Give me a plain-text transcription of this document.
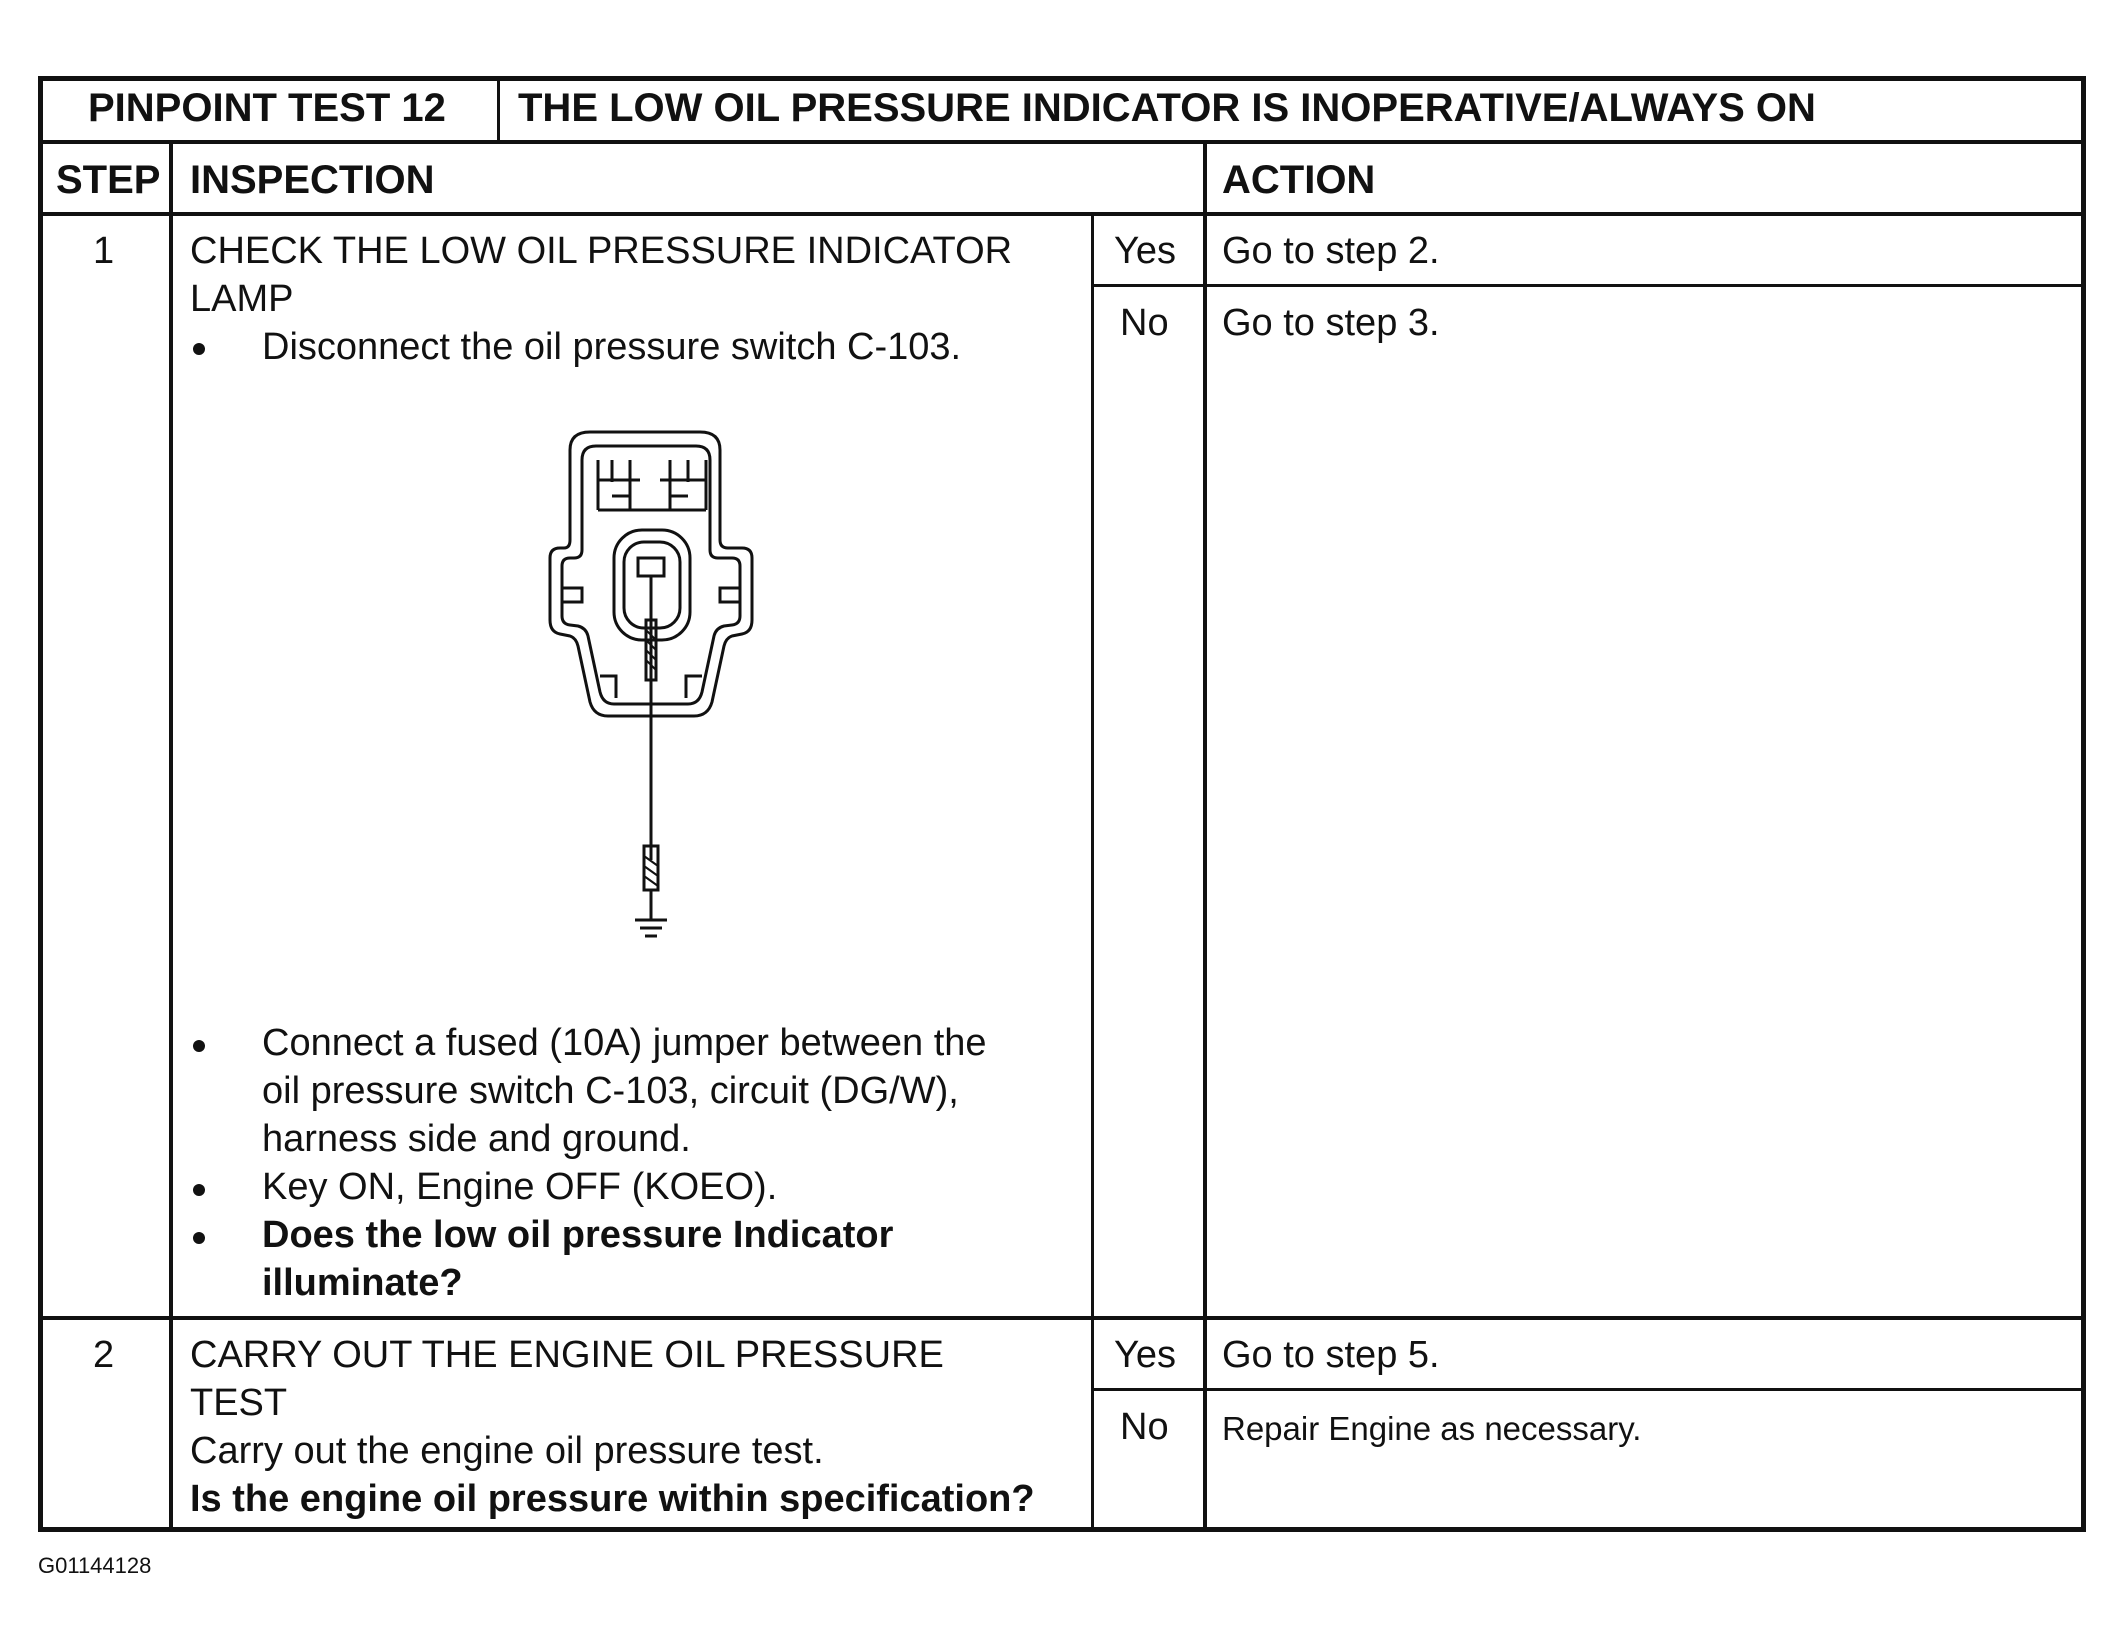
PINPOINT TEST 12 THE LOW OIL PRESSURE INDICATOR IS INOPERATIVE/ALWAYS ON
STEP INSPECTION	ACTION
1 CHECK THE LOW OIL PRESSURE INDICATOR
LAMP
Disconnect the oil pressure switch C-103.
Connect a fused (10A) jumper between the
oil pressure switch C-103, circuit (DG/W),
harness side and ground.
Key ON, Engine OFF (KOEO).
Does the low oil pressure Indicator
illuminate?
Yes Go to step 2.
No Go to step 3.
2 CARRY OUT THE ENGINE OIL PRESSURE
TEST
Carry out the engine oil pressure test.
Is the engine oil pressure within specification?
Yes Go to step 5.
No Repair Engine as necessary.
G01144128
